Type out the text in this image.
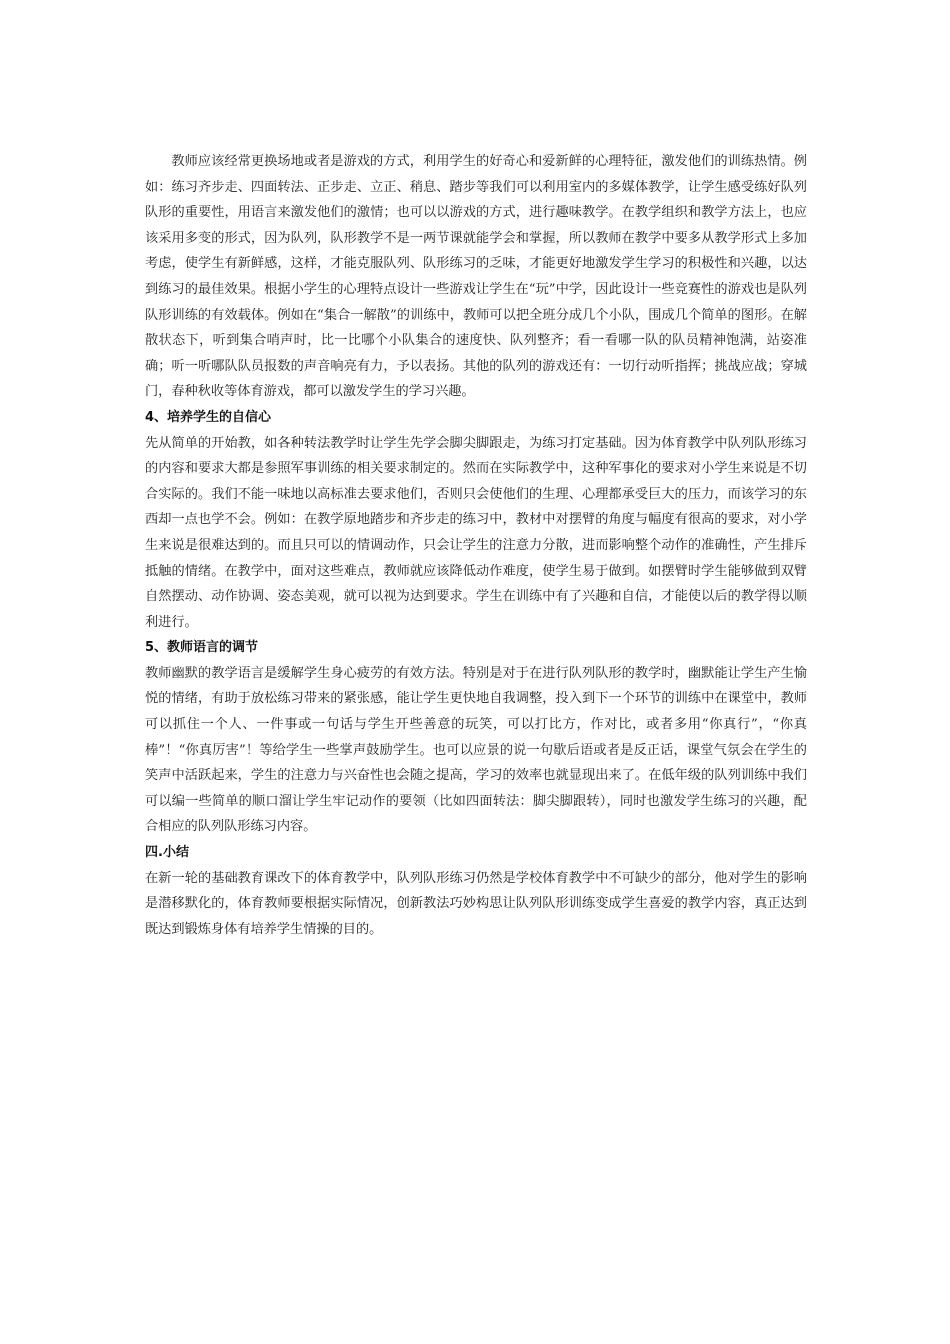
教师应该经常更换场地或者是游戏的方式，利用学生的好奇心和爱新鲜的心理特征，激发他们的训练热情。例如：练习齐步走、四面转法、正步走、立正、稍息、踏步等我们可以利用室内的多媒体教学，让学生感受练好队列队形的重要性，用语言来激发他们的激情；也可以以游戏的方式，进行趣味教学。在教学组织和教学方法上，也应该采用多变的形式，因为队列，队形教学不是一两节课就能学会和掌握，所以教师在教学中要多从教学形式上多加考虑，使学生有新鲜感，这样，才能克服队列、队形练习的乏味，才能更好地激发学生学习的积极性和兴趣，以达到练习的最佳效果。根据小学生的心理特点设计一些游戏让学生在“玩”中学，因此设计一些竞赛性的游戏也是队列队形训练的有效载体。例如在“集合一解散”的训练中，教师可以把全班分成几个小队，围成几个简单的图形。在解散状态下，听到集合哨声时，比一比哪个小队集合的速度快、队列整齐；看一看哪一队的队员精神饱满，站姿准确；听一听哪队队员报数的声音响亮有力，予以表扬。其他的队列的游戏还有：一切行动听指挥；挑战应战；穿城门，春种秋收等体育游戏，都可以激发学生的学习兴趣。

4、培养学生的自信心

先从简单的开始教，如各种转法教学时让学生先学会脚尖脚跟走，为练习打定基础。因为体育教学中队列队形练习的内容和要求大都是参照军事训练的相关要求制定的。然而在实际教学中，这种军事化的要求对小学生来说是不切合实际的。我们不能一味地以高标准去要求他们，否则只会使他们的生理、心理都承受巨大的压力，而该学习的东西却一点也学不会。例如：在教学原地踏步和齐步走的练习中，教材中对摆臂的角度与幅度有很高的要求，对小学生来说是很难达到的。而且只可以的情调动作，只会让学生的注意力分散，进而影响整个动作的准确性，产生排斥抵触的情绪。在教学中，面对这些难点，教师就应该降低动作难度，使学生易于做到。如摆臂时学生能够做到双臂自然摆动、动作协调、姿态美观，就可以视为达到要求。学生在训练中有了兴趣和自信，才能使以后的教学得以顺利进行。

5、教师语言的调节

教师幽默的教学语言是缓解学生身心疲劳的有效方法。特别是对于在进行队列队形的教学时，幽默能让学生产生愉悦的情绪，有助于放松练习带来的紧张感，能让学生更快地自我调整，投入到下一个环节的训练中在课堂中，教师可以抓住一个人、一件事或一句话与学生开些善意的玩笑，可以打比方，作对比，或者多用“你真行”，“你真棒”！“你真厉害”！等给学生一些掌声鼓励学生。也可以应景的说一句歇后语或者是反正话，课堂气氛会在学生的笑声中活跃起来，学生的注意力与兴奋性也会随之提高，学习的效率也就显现出来了。在低年级的队列训练中我们可以编一些简单的顺口溜让学生牢记动作的要领（比如四面转法：脚尖脚跟转），同时也激发学生练习的兴趣，配合相应的队列队形练习内容。

四.小结

在新一轮的基础教育课改下的体育教学中，队列队形练习仍然是学校体育教学中不可缺少的部分，他对学生的影响是潜移默化的，体育教师要根据实际情况，创新教法巧妙构思让队列队形训练变成学生喜爱的教学内容，真正达到既达到锻炼身体有培养学生情操的目的。
